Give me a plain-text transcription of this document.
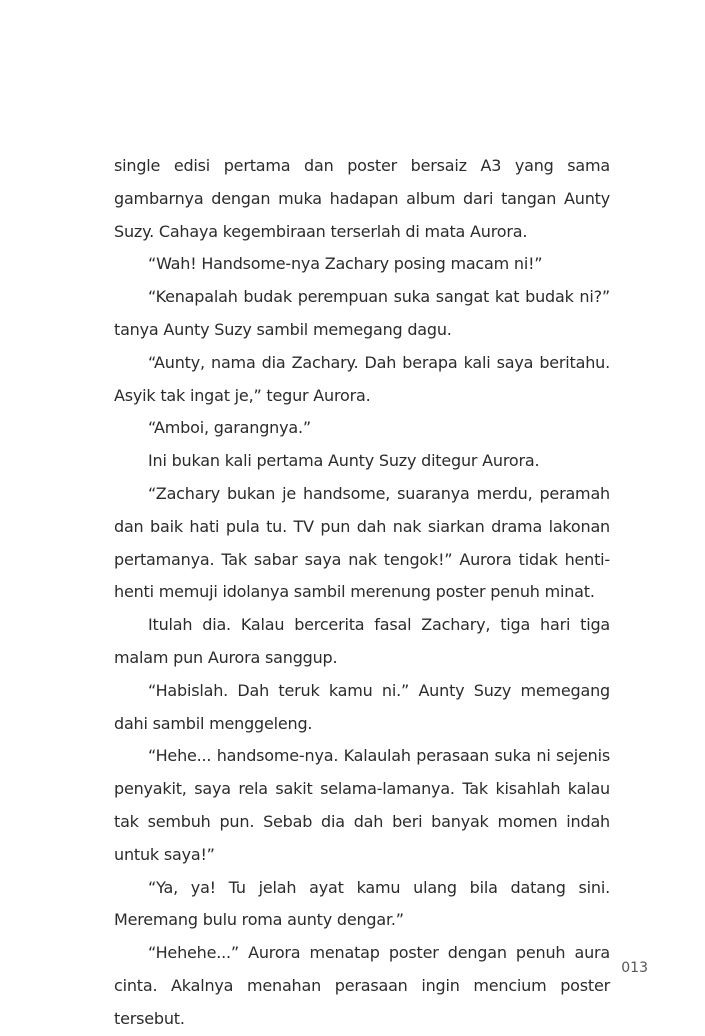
single edisi pertama dan poster bersaiz A3 yang sama gambarnya dengan muka hadapan album dari tangan Aunty Suzy. Cahaya kegembiraan terserlah di mata Aurora.

“Wah! Handsome-nya Zachary posing macam ni!”

“Kenapalah budak perempuan suka sangat kat budak ni?” tanya Aunty Suzy sambil memegang dagu.

“Aunty, nama dia Zachary. Dah berapa kali saya beritahu. Asyik tak ingat je,” tegur Aurora.

“Amboi, garangnya.”

Ini bukan kali pertama Aunty Suzy ditegur Aurora.

“Zachary bukan je handsome, suaranya merdu, peramah dan baik hati pula tu. TV pun dah nak siarkan drama lakonan pertamanya. Tak sabar saya nak tengok!” Aurora tidak henti-henti memuji idolanya sambil merenung poster penuh minat.

Itulah dia. Kalau bercerita fasal Zachary, tiga hari tiga malam pun Aurora sanggup.

“Habislah. Dah teruk kamu ni.” Aunty Suzy memegang dahi sambil menggeleng.

“Hehe... handsome-nya. Kalaulah perasaan suka ni sejenis penyakit, saya rela sakit selama-lamanya. Tak kisahlah kalau tak sembuh pun. Sebab dia dah beri banyak momen indah untuk saya!”

“Ya, ya! Tu jelah ayat kamu ulang bila datang sini. Meremang bulu roma aunty dengar.”

“Hehehe...” Aurora menatap poster dengan penuh aura cinta. Akalnya menahan perasaan ingin mencium poster tersebut.

013
